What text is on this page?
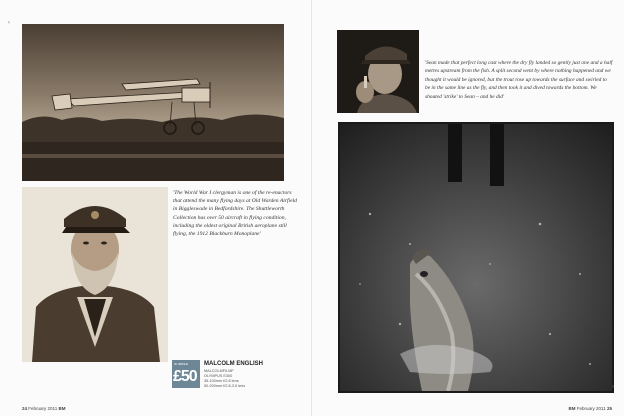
‹
'The World War I clergyman is one of the re-enactors that attend the many flying days at Old Warden Airfield in Biggleswade in Bedfordshire. The Shuttleworth Collection has over 50 aircraft in flying condition, including the oldest original British aeroplane still flying, the 1912 Blackburn Monoplane'
NUMBER
£50
MALCOLM ENGLISH
MALCOLMFILMF
OLYMPUS E300
35-100mm f/2.8 lens
50-200mm f/2.8-3.5 lens
24 February 2011 BM
'Sean made that perfect long cast where the dry fly landed so gently just one and a half metres upstream from the fish. A split second went by where nothing happened and we thought it would be ignored, but the trout rose up towards the surface and swirled to be in the same line as the fly, and then took it and dived towards the bottom. We shouted 'strike' to Sean – and he did'
›
BM February 2011 25
